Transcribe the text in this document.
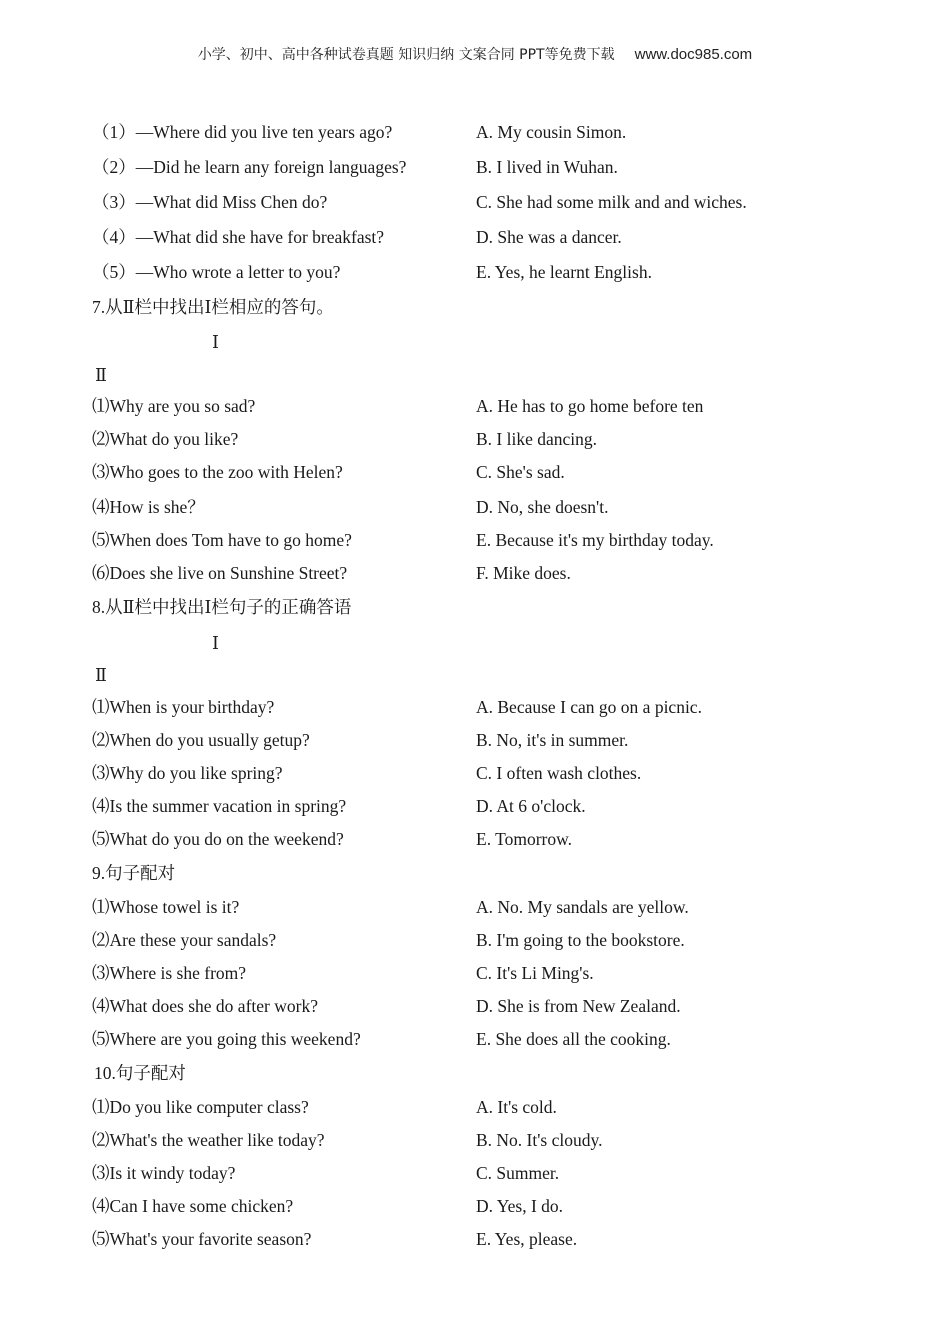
小学、初中、高中各种试卷真题 知识归纳 文案合同 PPT等免费下载 www.doc985.com
（1）—Where did you live ten years ago?	A. My cousin Simon.
（2）—Did he learn any foreign languages?	B. I lived in Wuhan.
（3）—What did Miss Chen do?	C. She had some milk and and wiches.
（4）—What did she have for breakfast?	D. She was a dancer.
（5）—Who wrote a letter to you?	E. Yes, he learnt English.
7.从Ⅱ栏中找出Ⅰ栏相应的答句。
Ⅰ
Ⅱ
⑴Why are you so sad?	A. He has to go home before ten
⑵What do you like?	B. I like dancing.
⑶Who goes to the zoo with Helen?	C. She's sad.
⑷How is she？	D. No, she doesn't.
⑸When does Tom have to go home?	E. Because it's my birthday today.
⑹Does she live on Sunshine Street?	F. Mike does.
8.从Ⅱ栏中找出Ⅰ栏句子的正确答语
Ⅰ
Ⅱ
⑴When is your birthday?	A. Because I can go on a picnic.
⑵When do you usually getup?	B. No, it's in summer.
⑶Why do you like spring?	C. I often wash clothes.
⑷Is the summer vacation in spring?	D. At 6 o'clock.
⑸What do you do on the weekend?	E. Tomorrow.
9.句子配对
⑴Whose towel is it?	A. No. My sandals are yellow.
⑵Are these your sandals?	B. I'm going to the bookstore.
⑶Where is she from?	C. It's Li Ming's.
⑷What does she do after work?	D. She is from New Zealand.
⑸Where are you going this weekend?	E. She does all the cooking.
10.句子配对
⑴Do you like computer class?	A. It's cold.
⑵What's the weather like today?	B. No. It's cloudy.
⑶Is it windy today?	C. Summer.
⑷Can I have some chicken?	D. Yes, I do.
⑸What's your favorite season?	E. Yes, please.
